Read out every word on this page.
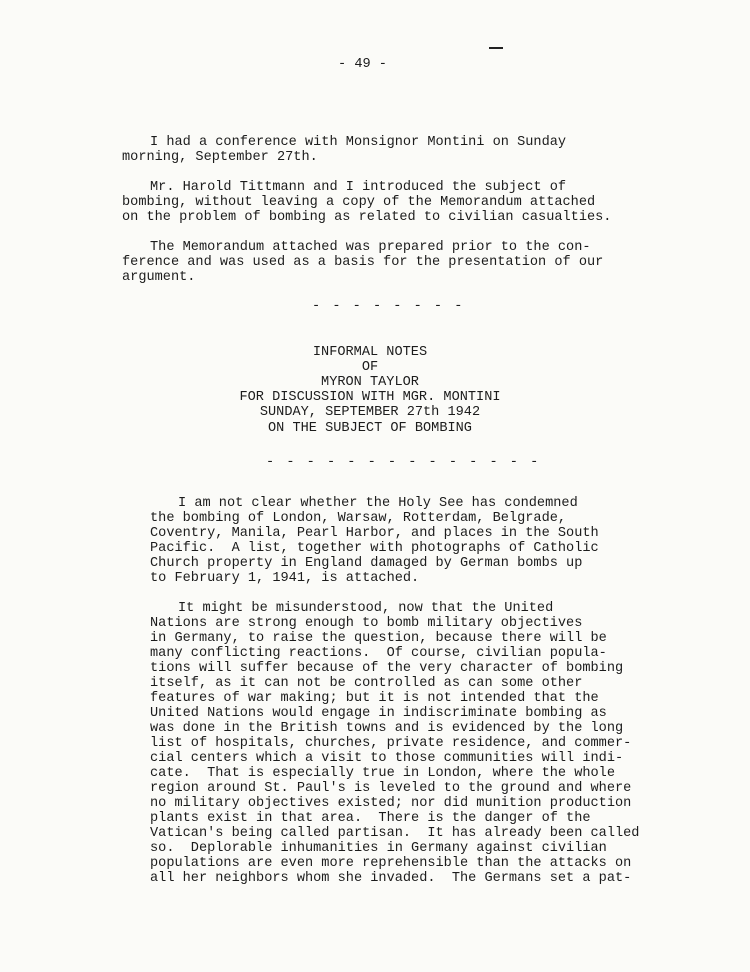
- 49 -
I had a conference with Monsignor Montini on Sunday
morning, September 27th.
Mr. Harold Tittmann and I introduced the subject of
bombing, without leaving a copy of the Memorandum attached
on the problem of bombing as related to civilian casualties.
The Memorandum attached was prepared prior to the con-
ference and was used as a basis for the presentation of our
argument.
- - - - - - - -
INFORMAL NOTES
OF
MYRON TAYLOR
FOR DISCUSSION WITH MGR. MONTINI
SUNDAY, SEPTEMBER 27th 1942
ON THE SUBJECT OF BOMBING
- - - - - - - - - - - - - -
I am not clear whether the Holy See has condemned
the bombing of London, Warsaw, Rotterdam, Belgrade,
Coventry, Manila, Pearl Harbor, and places in the South
Pacific.  A list, together with photographs of Catholic
Church property in England damaged by German bombs up
to February 1, 1941, is attached.
It might be misunderstood, now that the United
Nations are strong enough to bomb military objectives
in Germany, to raise the question, because there will be
many conflicting reactions.  Of course, civilian popula-
tions will suffer because of the very character of bombing
itself, as it can not be controlled as can some other
features of war making; but it is not intended that the
United Nations would engage in indiscriminate bombing as
was done in the British towns and is evidenced by the long
list of hospitals, churches, private residence, and commer-
cial centers which a visit to those communities will indi-
cate.  That is especially true in London, where the whole
region around St. Paul's is leveled to the ground and where
no military objectives existed; nor did munition production
plants exist in that area.  There is the danger of the
Vatican's being called partisan.  It has already been called
so.  Deplorable inhumanities in Germany against civilian
populations are even more reprehensible than the attacks on
all her neighbors whom she invaded.  The Germans set a pat-
